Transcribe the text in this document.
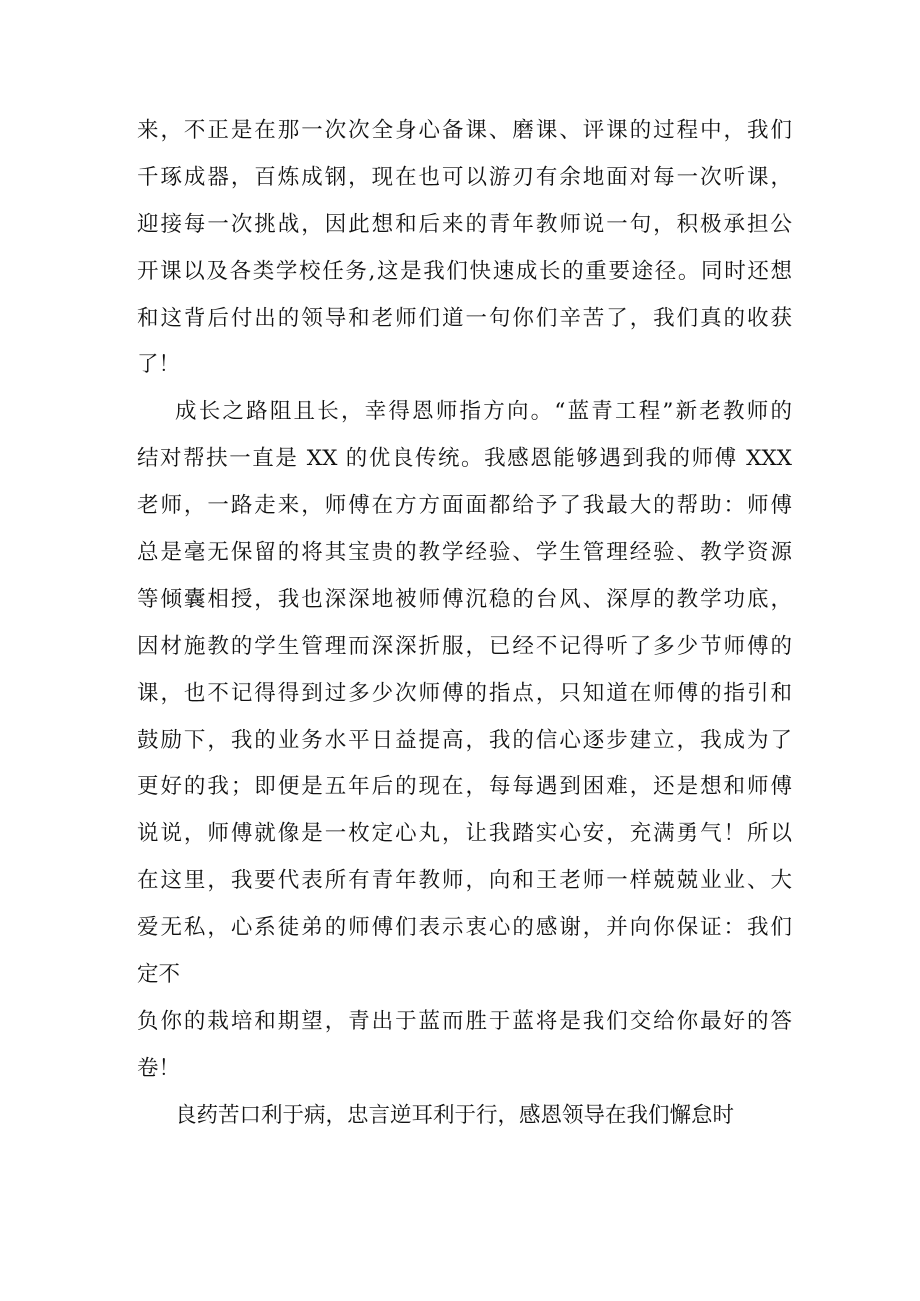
来，不正是在那一次次全身心备课、磨课、评课的过程中，我们
千琢成器，百炼成钢，现在也可以游刃有余地面对每一次听课，
迎接每一次挑战，因此想和后来的青年教师说一句，积极承担公
开课以及各类学校任务,这是我们快速成长的重要途径。同时还想
和这背后付出的领导和老师们道一句你们辛苦了，我们真的收获
了！
成长之路阻且长，幸得恩师指方向。“蓝青工程”新老教师的
结对帮扶一直是 XX 的优良传统。我感恩能够遇到我的师傅 XXX
老师，一路走来，师傅在方方面面都给予了我最大的帮助：师傅
总是毫无保留的将其宝贵的教学经验、学生管理经验、教学资源
等倾囊相授，我也深深地被师傅沉稳的台风、深厚的教学功底，
因材施教的学生管理而深深折服，已经不记得听了多少节师傅的
课，也不记得得到过多少次师傅的指点，只知道在师傅的指引和
鼓励下，我的业务水平日益提高，我的信心逐步建立，我成为了
更好的我；即便是五年后的现在，每每遇到困难，还是想和师傅
说说，师傅就像是一枚定心丸，让我踏实心安，充满勇气！所以
在这里，我要代表所有青年教师，向和王老师一样兢兢业业、大
爱无私，心系徒弟的师傅们表示衷心的感谢，并向你保证：我们
定不
负你的栽培和期望，青出于蓝而胜于蓝将是我们交给你最好的答
卷！
良药苦口利于病，忠言逆耳利于行，感恩领导在我们懈怠时
